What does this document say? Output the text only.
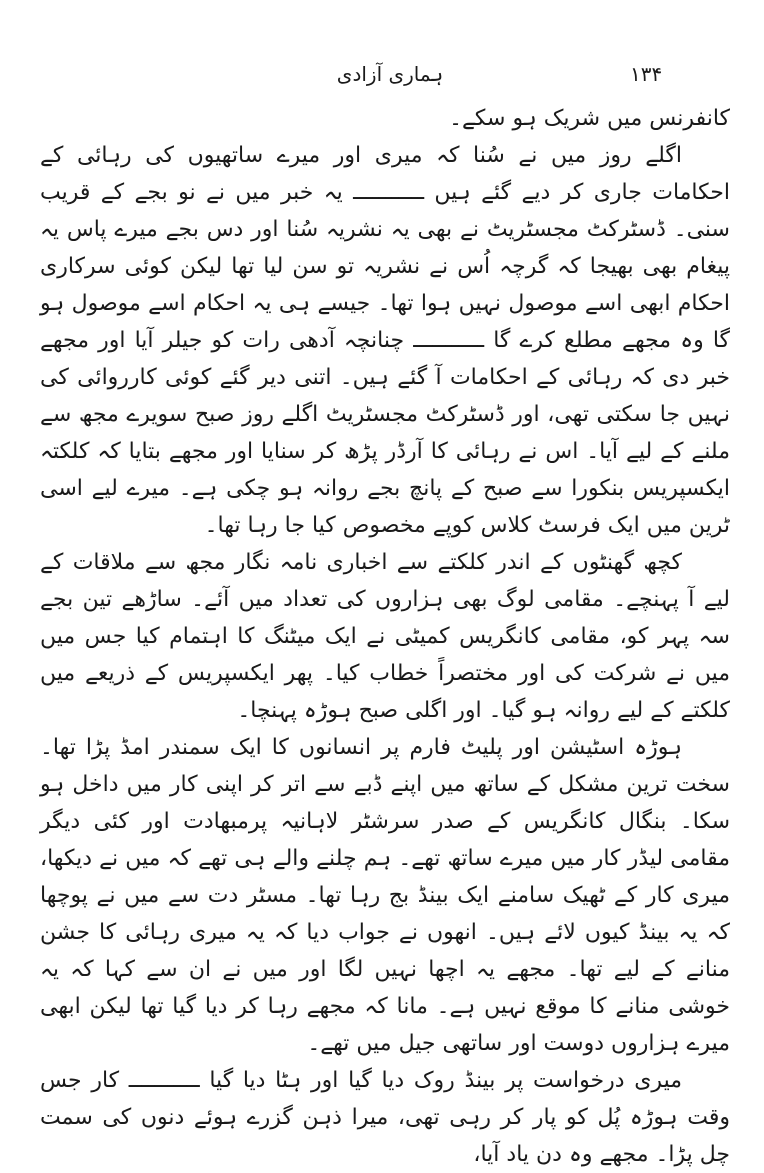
۱۳۴
ہماری آزادی

کانفرنس میں شریک ہو سکے۔

اگلے روز میں نے سُنا کہ میری اور میرے ساتھیوں کی رہائی کے احکامات جاری کر دیے گئے ہیں ـــــــــــ یہ خبر میں نے نو بجے کے قریب سنی۔ ڈسٹرکٹ مجسٹریٹ نے بھی یہ نشریہ سُنا اور دس بجے میرے پاس یہ پیغام بھی بھیجا کہ گرچہ اُس نے نشریہ تو سن لیا تھا لیکن کوئی سرکاری احکام ابھی اسے موصول نہیں ہوا تھا۔ جیسے ہی یہ احکام اسے موصول ہو گا وہ مجھے مطلع کرے گا ـــــــــــ چنانچہ آدھی رات کو جیلر آیا اور مجھے خبر دی کہ رہائی کے احکامات آ گئے ہیں۔ اتنی دیر گئے کوئی کارروائی کی نہیں جا سکتی تھی، اور ڈسٹرکٹ مجسٹریٹ اگلے روز صبح سویرے مجھ سے ملنے کے لیے آیا۔ اس نے رہائی کا آرڈر پڑھ کر سنایا اور مجھے بتایا کہ کلکتہ ایکسپریس بنکورا سے صبح کے پانچ بجے روانہ ہو چکی ہے۔ میرے لیے اسی ٹرین میں ایک فرسٹ کلاس کوپے مخصوص کیا جا رہا تھا۔

کچھ گھنٹوں کے اندر کلکتے سے اخباری نامہ نگار مجھ سے ملاقات کے لیے آ پہنچے۔ مقامی لوگ بھی ہزاروں کی تعداد میں آئے۔ ساڑھے تین بجے سہ پہر کو، مقامی کانگریس کمیٹی نے ایک میٹنگ کا اہتمام کیا جس میں میں نے شرکت کی اور مختصراً خطاب کیا۔ پھر ایکسپریس کے ذریعے میں کلکتے کے لیے روانہ ہو گیا۔ اور اگلی صبح ہوڑہ پہنچا۔

ہوڑہ اسٹیشن اور پلیٹ فارم پر انسانوں کا ایک سمندر امڈ پڑا تھا۔ سخت ترین مشکل کے ساتھ میں اپنے ڈبے سے اتر کر اپنی کار میں داخل ہو سکا۔ بنگال کانگریس کے صدر سرشٹر لاہانیہ پرمبھادت اور کئی دیگر مقامی لیڈر کار میں میرے ساتھ تھے۔ ہم چلنے والے ہی تھے کہ میں نے دیکھا، میری کار کے ٹھیک سامنے ایک بینڈ بج رہا تھا۔ مسٹر دت سے میں نے پوچھا کہ یہ بینڈ کیوں لائے ہیں۔ انھوں نے جواب دیا کہ یہ میری رہائی کا جشن منانے کے لیے تھا۔ مجھے یہ اچھا نہیں لگا اور میں نے ان سے کہا کہ یہ خوشی منانے کا موقع نہیں ہے۔ مانا کہ مجھے رہا کر دیا گیا تھا لیکن ابھی میرے ہزاروں دوست اور ساتھی جیل میں تھے۔

میری درخواست پر بینڈ روک دیا گیا اور ہٹا دیا گیا ـــــــــــ کار جس وقت ہوڑہ پُل کو پار کر رہی تھی، میرا ذہن گزرے ہوئے دنوں کی سمت چل پڑا۔ مجھے وہ دن یاد آیا،
